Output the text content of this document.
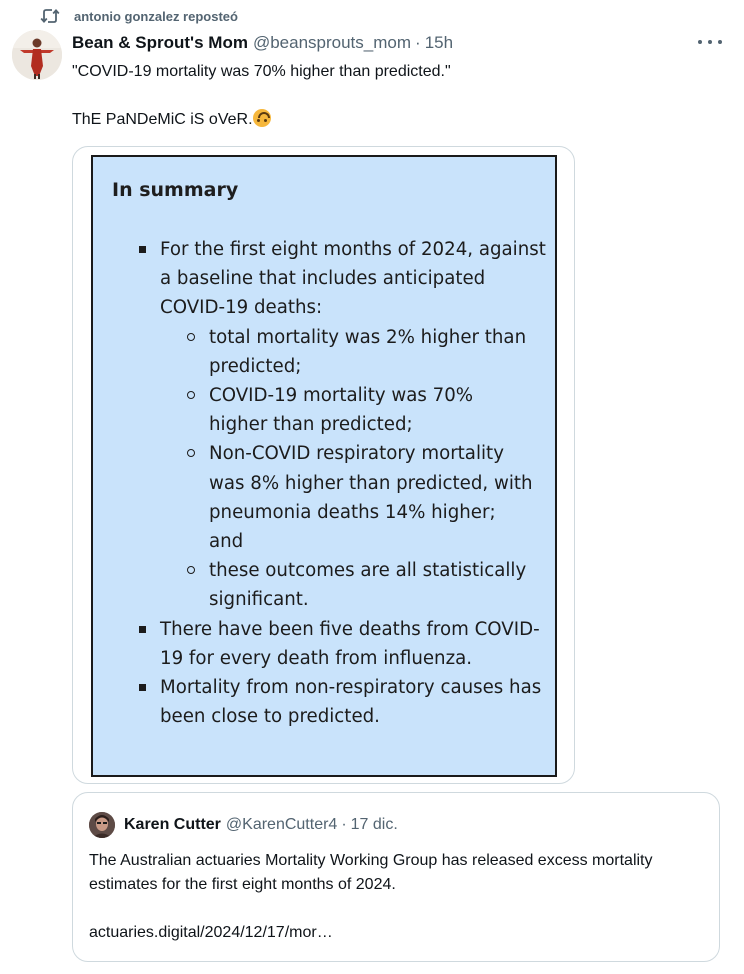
antonio gonzalez reposteó
Bean & Sprout's Mom @beansprouts_mom · 15h

"COVID-19 mortality was 70% higher than predicted."

ThE PaNDeMiC iS oVeR.

In summary
For the first eight months of 2024, against a baseline that includes anticipated COVID-19 deaths:
total mortality was 2% higher than predicted;
COVID-19 mortality was 70% higher than predicted;
Non-COVID respiratory mortality was 8% higher than predicted, with pneumonia deaths 14% higher; and
these outcomes are all statistically significant.
There have been five deaths from COVID-19 for every death from influenza.
Mortality from non-respiratory causes has been close to predicted.
Karen Cutter @KarenCutter4 · 17 dic.
The Australian actuaries Mortality Working Group has released excess mortality estimates for the first eight months of 2024.
actuaries.digital/2024/12/17/mor…
